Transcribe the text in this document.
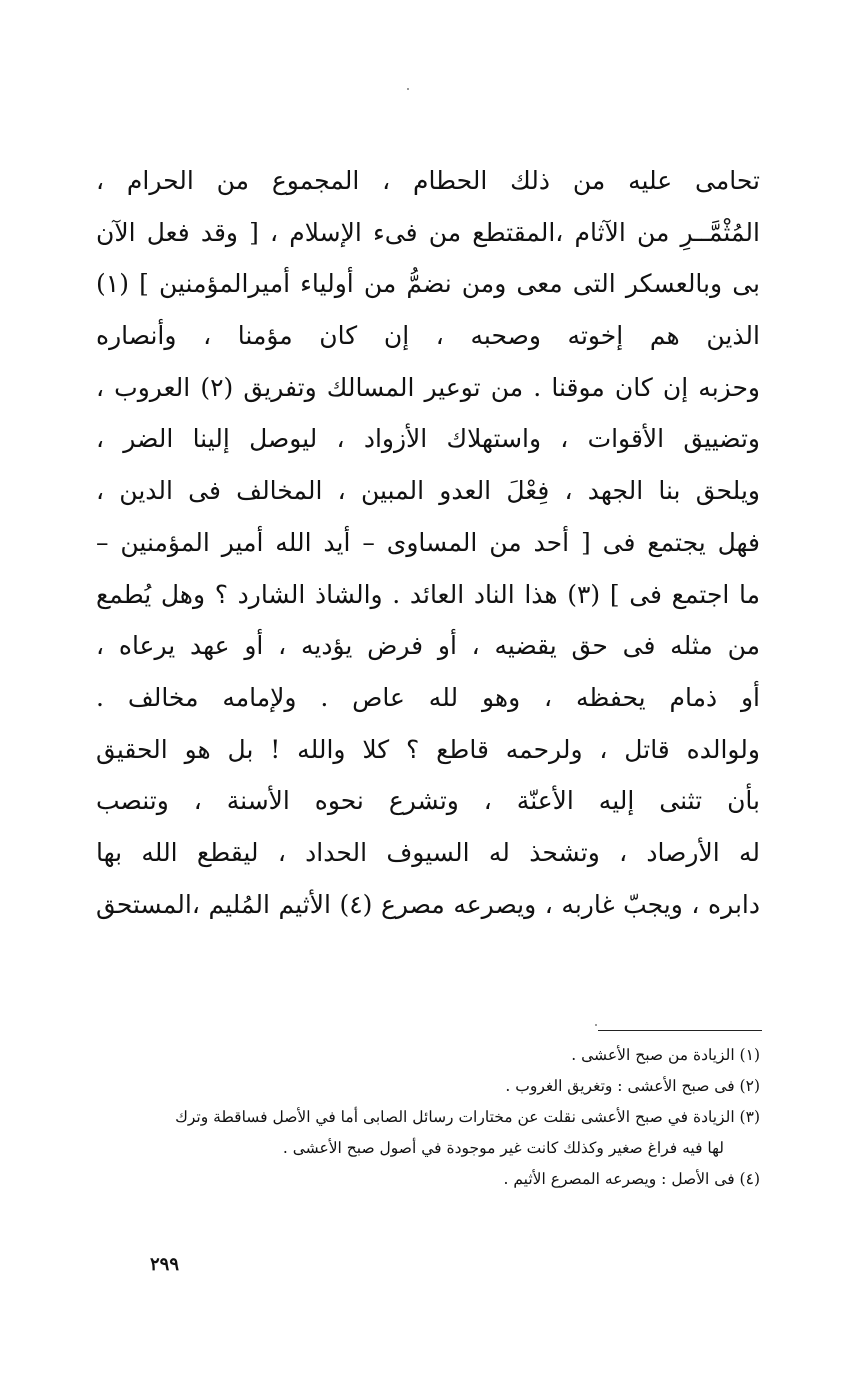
تحامى عليه من ذلك الحطام ، المجموع من الحرام ،
المُثْمَّــرِ من الآثام ،المقتطع من فىء الإسلام ، [ وقد فعل الآن
بى وبالعسكر التى معى ومن نضمُّ من أولياء أميرالمؤمنين ] (١)
الذين هم إخوته وصحبه ، إن كان مؤمنا ، وأنصاره
وحزبه إن كان موقنا . من توعير المسالك وتفريق (٢) العروب ،
وتضييق الأقوات ، واستهلاك الأزواد ، ليوصل إلينا الضر ،
ويلحق بنا الجهد ، فِعْلَ العدو المبين ، المخالف فى الدين ،
فهل يجتمع فى [ أحد من المساوى – أيد الله أمير المؤمنين –
ما اجتمع فى ] (٣) هذا الناد العائد . والشاذ الشارد ؟ وهل يُطمع
من مثله فى حق يقضيه ، أو فرض يؤديه ، أو عهد يرعاه ،
أو ذمام يحفظه ، وهو لله عاص . ولإمامه مخالف .
ولوالده قاتل ، ولرحمه قاطع ؟ كلا والله ! بل هو الحقيق
بأن تثنى إليه الأعنّة ، وتشرع نحوه الأسنة ، وتنصب
له الأرصاد ، وتشحذ له السيوف الحداد ، ليقطع الله بها
دابره ، ويجبّ غاربه ، ويصرعه مصرع (٤) الأثيم المُليم ،المستحق
(١) الزيادة من صبح الأعشى .
(٢) فى صبح الأعشى : وتغريق الغروب .
(٣) الزيادة في صبح الأعشى نقلت عن مختارات رسائل الصابى أما في الأصل فساقطة وترك
لها فيه فراغ صغير وكذلك كانت غير موجودة في أصول صبح الأعشى .
(٤) فى الأصل : ويصرعه المصرع الأثيم .
٢٩٩
